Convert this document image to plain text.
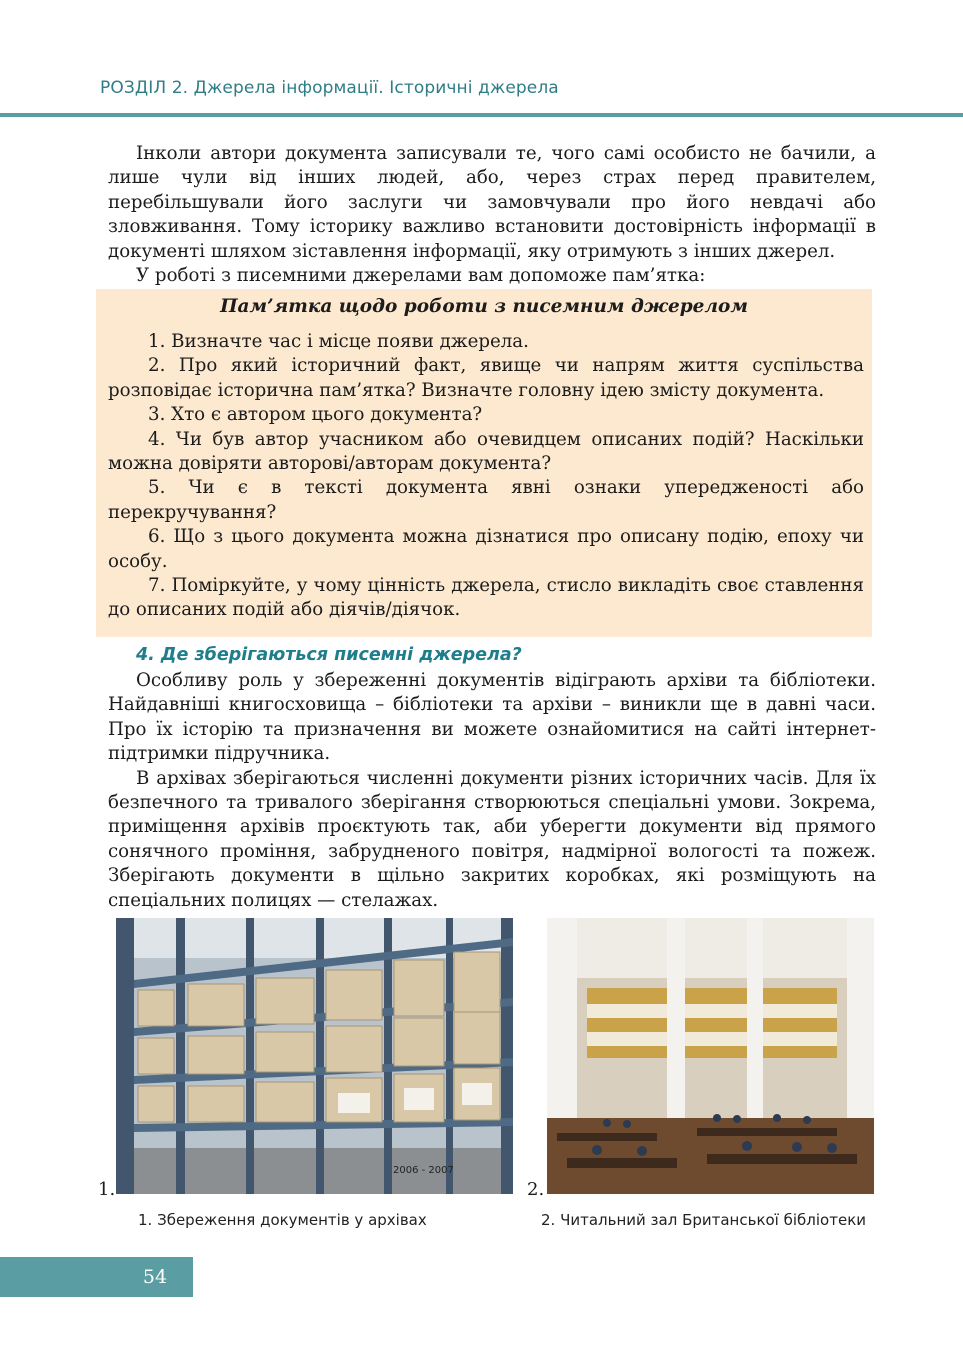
РОЗДІЛ 2. Джерела інформації. Історичні джерела

Інколи автори документа записували те, чого самі особисто не бачили, а лише чули від інших людей, або, через страх перед правителем, перебільшували його заслуги чи замовчували про його невдачі або зловживання. Тому історику важливо встановити достовірність інформації в документі шляхом зіставлення інформації, яку отримують з інших джерел.

У роботі з писемними джерелами вам допоможе пам’ятка:

Пам’ятка щодо роботи з писемним джерелом

1. Визначте час і місце появи джерела.

2. Про який історичний факт, явище чи напрям життя суспільства розповідає історична пам’ятка? Визначте головну ідею змісту документа.

3. Хто є автором цього документа?

4. Чи був автор учасником або очевидцем описаних подій? Наскільки можна довіряти авторові/авторам документа?

5. Чи є в тексті документа явні ознаки упередженості або перекручування?

6. Що з цього документа можна дізнатися про описану подію, епоху чи особу.

7. Поміркуйте, у чому цінність джерела, стисло викладіть своє ставлення до описаних подій або діячів/діячок.

4. Де зберігаються писемні джерела?

Особливу роль у збереженні документів відіграють архіви та бібліотеки. Найдавніші книгосховища – бібліотеки та архіви – виникли ще в давні часи. Про їх історію та призначення ви можете ознайомитися на сайті інтернет-підтримки підручника.

В архівах зберігаються численні документи різних історичних часів. Для їх безпечного та тривалого зберігання створюються спеціальні умови. Зокрема, приміщення архівів проєктують так, аби уберегти документи від прямого сонячного проміння, забрудненого повітря, надмірної вологості та пожеж. Зберігають документи в щільно закритих коробках, які розміщують на спеціальних полицях — стелажах.

1.
2006 - 2007
1. Збереження документів у архівах
2.
2. Читальний зал Британської бібліотеки
54
